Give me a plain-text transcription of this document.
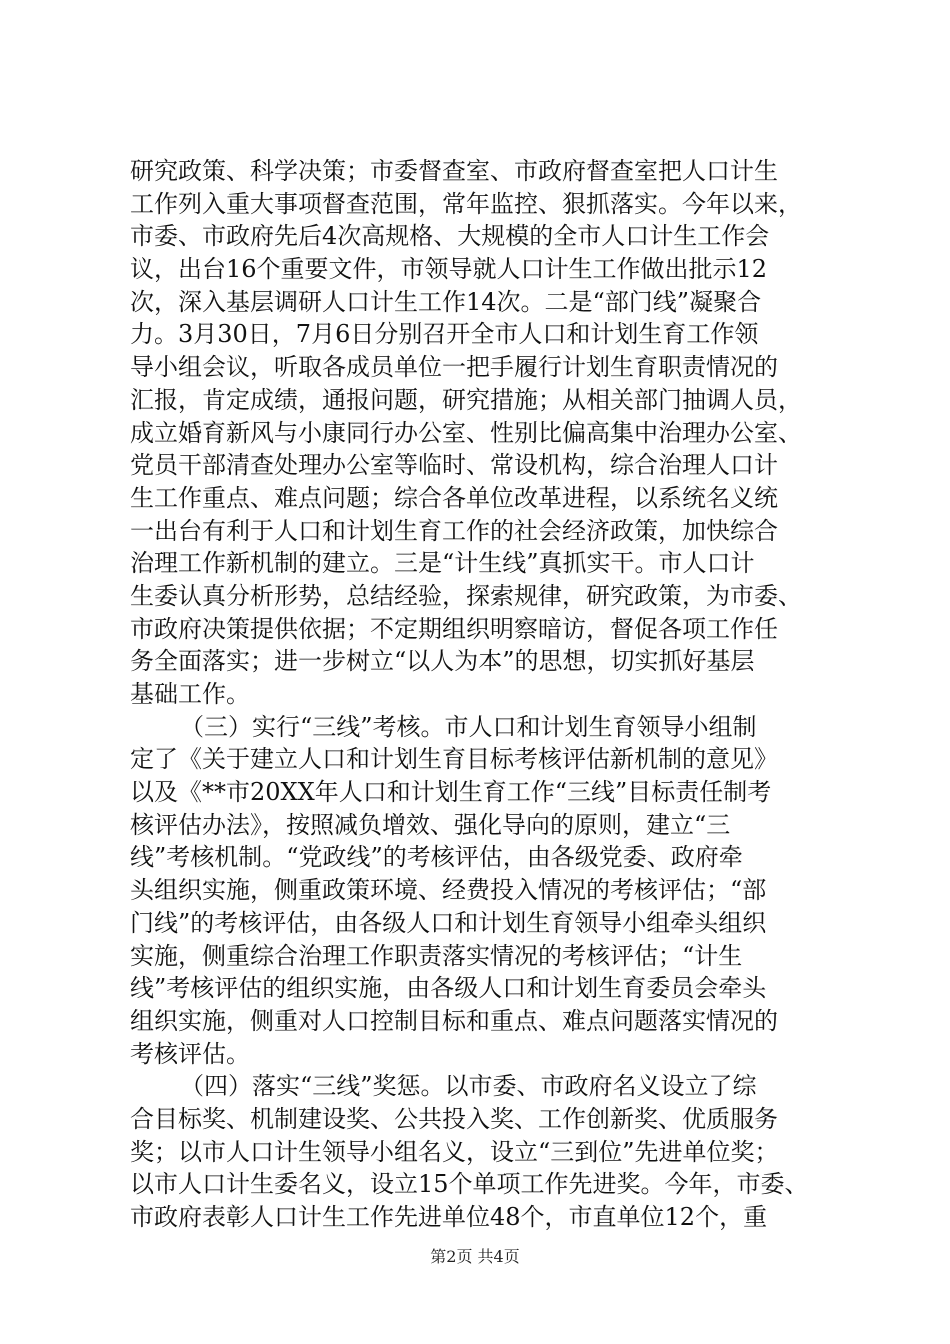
研究政策、科学决策；市委督查室、市政府督查室把人口计生
工作列入重大事项督查范围，常年监控、狠抓落实。今年以来，
市委、市政府先后4次高规格、大规模的全市人口计生工作会
议，出台16个重要文件，市领导就人口计生工作做出批示12
次，深入基层调研人口计生工作14次。二是“部门线”凝聚合
力。3月30日，7月6日分别召开全市人口和计划生育工作领
导小组会议，听取各成员单位一把手履行计划生育职责情况的
汇报，肯定成绩，通报问题，研究措施；从相关部门抽调人员，
成立婚育新风与小康同行办公室、性别比偏高集中治理办公室、
党员干部清查处理办公室等临时、常设机构，综合治理人口计
生工作重点、难点问题；综合各单位改革进程，以系统名义统
一出台有利于人口和计划生育工作的社会经济政策，加快综合
治理工作新机制的建立。三是“计生线”真抓实干。市人口计
生委认真分析形势，总结经验，探索规律，研究政策，为市委、
市政府决策提供依据；不定期组织明察暗访，督促各项工作任
务全面落实；进一步树立“以人为本”的思想，切实抓好基层
基础工作。
（三）实行“三线”考核。市人口和计划生育领导小组制
定了《关于建立人口和计划生育目标考核评估新机制的意见》
以及《**市20XX年人口和计划生育工作“三线”目标责任制考
核评估办法》，按照减负增效、强化导向的原则，建立“三
线”考核机制。“党政线”的考核评估，由各级党委、政府牵
头组织实施，侧重政策环境、经费投入情况的考核评估；“部
门线”的考核评估，由各级人口和计划生育领导小组牵头组织
实施，侧重综合治理工作职责落实情况的考核评估；“计生
线”考核评估的组织实施，由各级人口和计划生育委员会牵头
组织实施，侧重对人口控制目标和重点、难点问题落实情况的
考核评估。
（四）落实“三线”奖惩。以市委、市政府名义设立了综
合目标奖、机制建设奖、公共投入奖、工作创新奖、优质服务
奖；以市人口计生领导小组名义，设立“三到位”先进单位奖；
以市人口计生委名义，设立15个单项工作先进奖。今年，市委、
市政府表彰人口计生工作先进单位48个，市直单位12个，重
第2页 共4页
